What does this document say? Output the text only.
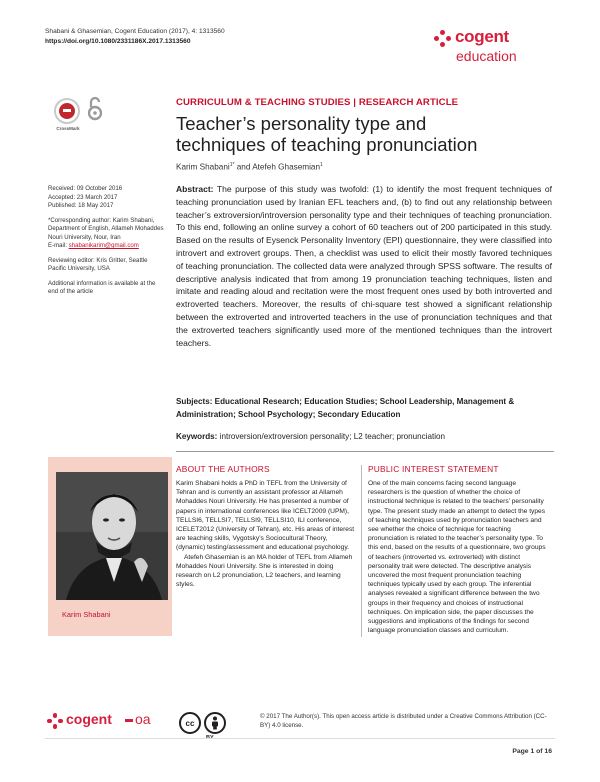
Shabani & Ghasemian, Cogent Education (2017), 4: 1313560
https://doi.org/10.1080/2331186X.2017.1313560	cogent
education
CrossMark
CURRICULUM & TEACHING STUDIES | RESEARCH ARTICLE
Teacher’s personality type and techniques of teaching pronunciation
Karim Shabani$^{1*}$ and Atefeh Ghasemian$^1$

Received: 09 October 2016
Accepted: 23 March 2017
Published: 18 May 2017

*Corresponding author: Karim Shabani, Department of English, Allameh Mohaddes Nouri University, Nour, Iran
E-mail: shabanikarim@gmail.com

Reviewing editor: Kris Gritter, Seattle Pacific University, USA

Additional information is available at the end of the article

Abstract: The purpose of this study was twofold: (1) to identify the most frequent techniques of teaching pronunciation used by Iranian EFL teachers and, (b) to find out any relationship between teacher’s extroversion/introversion personality type and their techniques of teaching pronunciation. To this end, following an online survey a cohort of 60 teachers out of 200 participated in this study. Based on the results of Eysenck Personality Inventory (EPI) questionnaire, they were classified into introvert and extrovert groups. Then, a checklist was used to elicit their mostly favored techniques of teaching pronunciation. The collected data were analyzed through SPSS software. The results of descriptive analysis indicated that from among 19 pronunciation teaching techniques, listen and imitate and reading aloud and recitation were the most frequent ones used by both introverted and extroverted teachers. Moreover, the results of chi-square test showed a significant relationship between the extroverted and introverted teachers in the use of pronunciation techniques and that the extroverted teachers significantly used more of the mentioned techniques than the introvert teachers.
Subjects: Educational Research; Education Studies; School Leadership, Management & Administration; School Psychology; Secondary Education
Keywords: introversion/extroversion personality; L2 teacher; pronunciation
Karim Shabani
ABOUT THE AUTHORS

Karim Shabani holds a PhD in TEFL from the University of Tehran and is currently an assistant professor at Allameh Mohaddes Nouri University. He has presented a number of papers in international conferences like ICELT2009 (UPM), TELLSI6, TELLSI7, TELLSI9, TELLSI10, ILI conference, ICELET2012 (University of Tehran), etc. His areas of interest are teaching skills, Vygotsky’s Sociocultural Theory, (dynamic) testing/assessment and educational psychology.

Atefeh Ghasemian is an MA holder of TEFL from Allameh Mohaddes Nouri University. She is interested in doing research on L2 pronunciation, L2 teachers, and learning styles.

PUBLIC INTEREST STATEMENT

One of the main concerns facing second language researchers is the question of whether the choice of instructional technique is related to the teachers’ personality type. The present study made an attempt to detect the types of teaching techniques used by pronunciation teachers and see whether the choice of technique for teaching pronunciation is related to the teacher’s personality type. To this end, based on the results of a questionnaire, two groups of teachers (introverted vs. extroverted) with distinct personality trait were detected. The descriptive analysis uncovered the most frequent pronunciation teaching techniques typically used by each group. The inferential analyses revealed a significant difference between the two groups in their frequency and choices of instructional techniques. On implication side, the paper discusses the suggestions and implications of the findings for second language pronunciation classes and curriculum.

cogent oa	cc
© 2017 The Author(s). This open access article is distributed under a Creative Commons Attribution (CC-BY) 4.0 license.
Page 1 of 16
